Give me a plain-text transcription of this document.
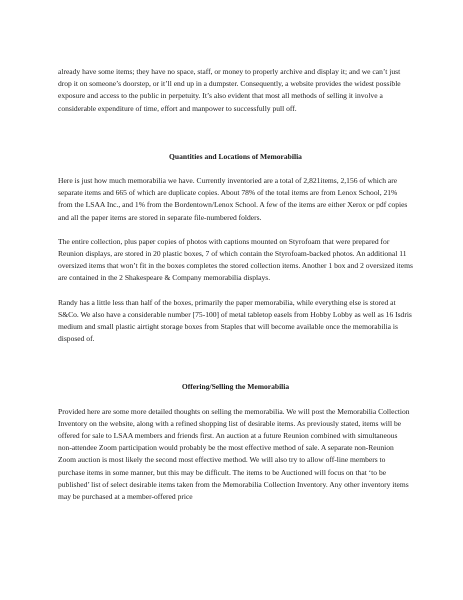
already have some items; they have no space, staff, or money to properly archive and display it; and we can’t just drop it on someone’s doorstep, or it’ll end up in a dumpster. Consequently, a website provides the widest possible exposure and access to the public in perpetuity. It’s also evident that most all methods of selling it involve a considerable expenditure of time, effort and manpower to successfully pull off.

Quantities and Locations of Memorabilia

Here is just how much memorabilia we have. Currently inventoried are a total of 2,821items, 2,156 of which are separate items and 665 of which are duplicate copies. About 78% of the total items are from Lenox School, 21% from the LSAA Inc., and 1% from the Bordentown/Lenox School. A few of the items are either Xerox or pdf copies and all the paper items are stored in separate file-numbered folders.

The entire collection, plus paper copies of photos with captions mounted on Styrofoam that were prepared for Reunion displays, are stored in 20 plastic boxes, 7 of which contain the Styrofoam-backed photos. An additional 11 oversized items that won’t fit in the boxes completes the stored collection items. Another 1 box and 2 oversized items are contained in the 2 Shakespeare & Company memorabilia displays.

Randy has a little less than half of the boxes, primarily the paper memorabilia, while everything else is stored at S&Co. We also have a considerable number [75-100] of metal tabletop easels from Hobby Lobby as well as 16 Isdris medium and small plastic airtight storage boxes from Staples that will become available once the memorabilia is disposed of.

Offering/Selling the Memorabilia

Provided here are some more detailed thoughts on selling the memorabilia. We will post the Memorabilia Collection Inventory on the website, along with a refined shopping list of desirable items. As previously stated, items will be offered for sale to LSAA members and friends first. An auction at a future Reunion combined with simultaneous non-attendee Zoom participation would probably be the most effective method of sale. A separate non-Reunion Zoom auction is most likely the second most effective method. We will also try to allow off-line members to purchase items in some manner, but this may be difficult. The items to be Auctioned will focus on that ‘to be published’ list of select desirable items taken from the Memorabilia Collection Inventory. Any other inventory items may be purchased at a member-offered price
